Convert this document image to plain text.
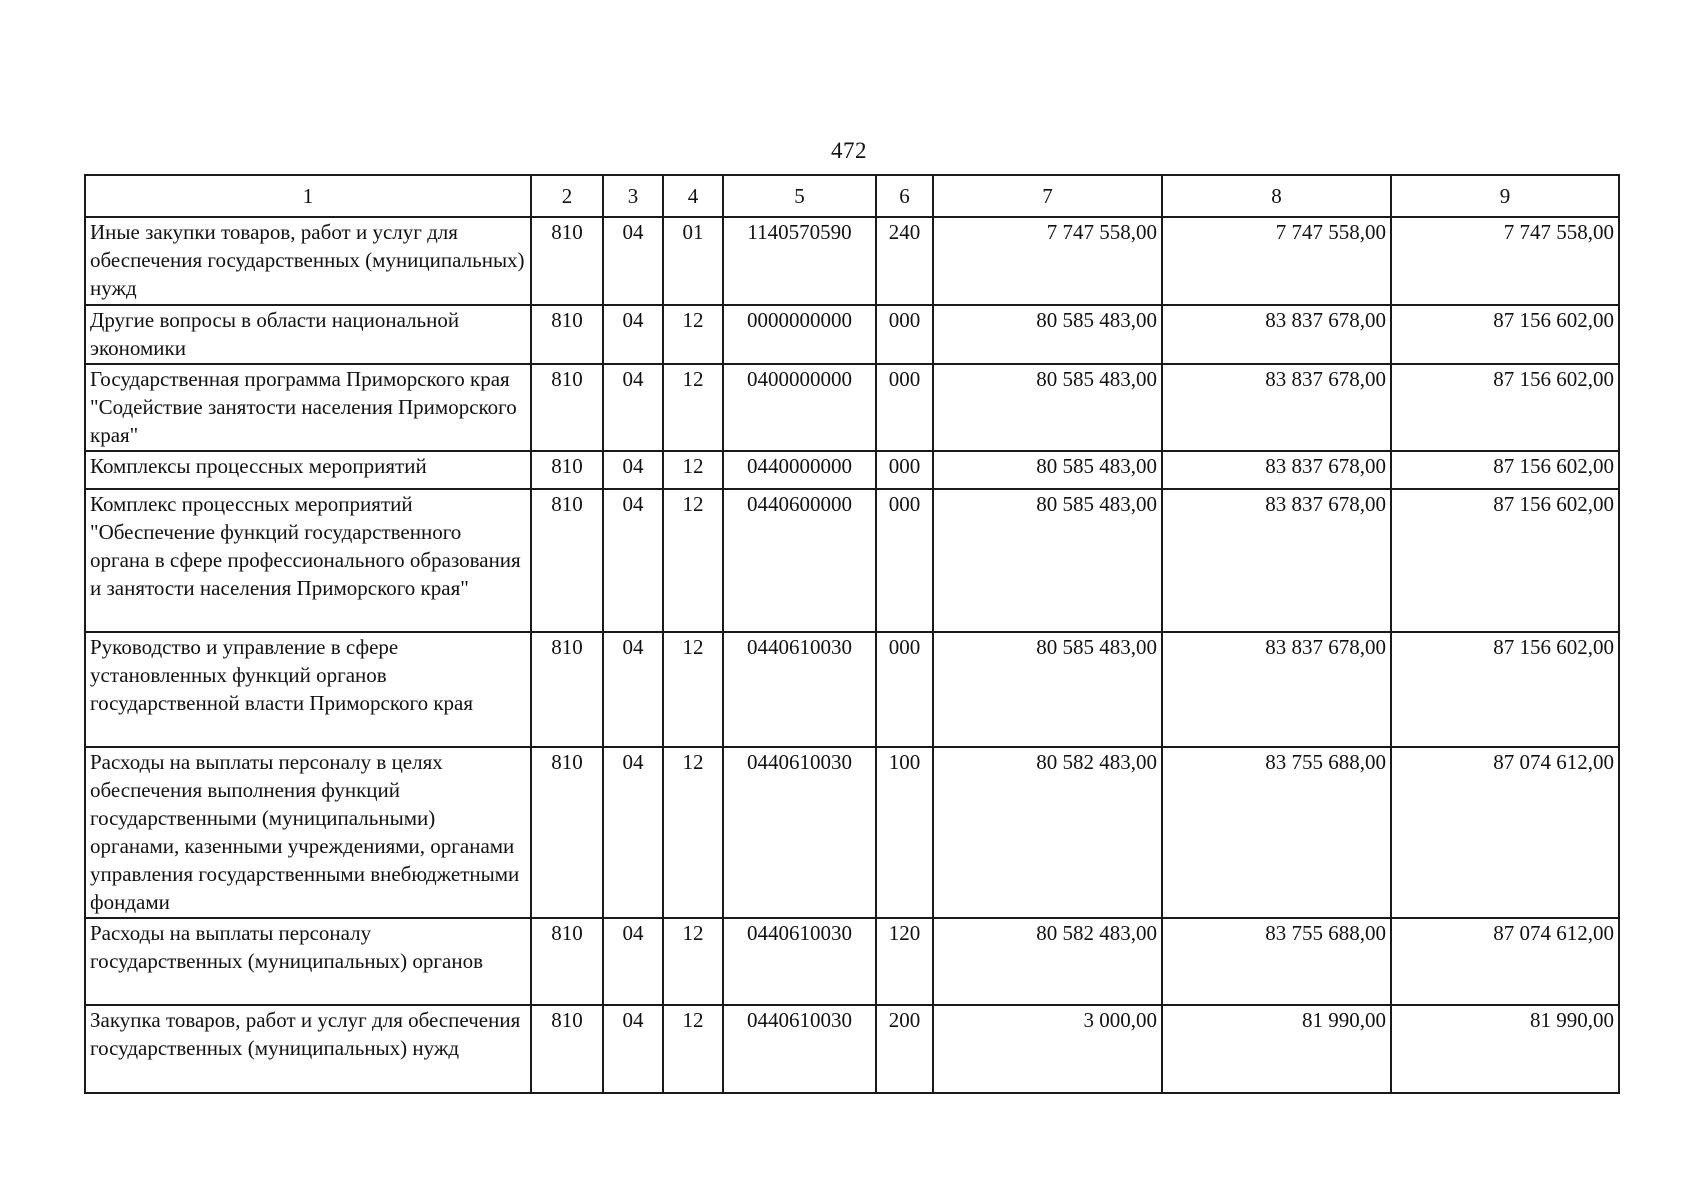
472
1	2	3	4	5	6	7	8	9
Иные закупки товаров, работ и услуг для обеспечения государственных (муниципальных) нужд	810	04	01	1140570590	240	7 747 558,00	7 747 558,00	7 747 558,00
Другие вопросы в области национальной экономики	810	04	12	0000000000	000	80 585 483,00	83 837 678,00	87 156 602,00
Государственная программа Приморского края "Содействие занятости населения Приморского края"	810	04	12	0400000000	000	80 585 483,00	83 837 678,00	87 156 602,00
Комплексы процессных мероприятий	810	04	12	0440000000	000	80 585 483,00	83 837 678,00	87 156 602,00
Комплекс процессных мероприятий "Обеспечение функций государственного органа в сфере профессионального образования и занятости населения Приморского края"	810	04	12	0440600000	000	80 585 483,00	83 837 678,00	87 156 602,00
Руководство и управление в сфере установленных функций органов государственной власти Приморского края	810	04	12	0440610030	000	80 585 483,00	83 837 678,00	87 156 602,00
Расходы на выплаты персоналу в целях обеспечения выполнения функций государственными (муниципальными) органами, казенными учреждениями, органами управления государственными внебюджетными фондами	810	04	12	0440610030	100	80 582 483,00	83 755 688,00	87 074 612,00
Расходы на выплаты персоналу государственных (муниципальных) органов	810	04	12	0440610030	120	80 582 483,00	83 755 688,00	87 074 612,00
Закупка товаров, работ и услуг для обеспечения государственных (муниципальных) нужд	810	04	12	0440610030	200	3 000,00	81 990,00	81 990,00
